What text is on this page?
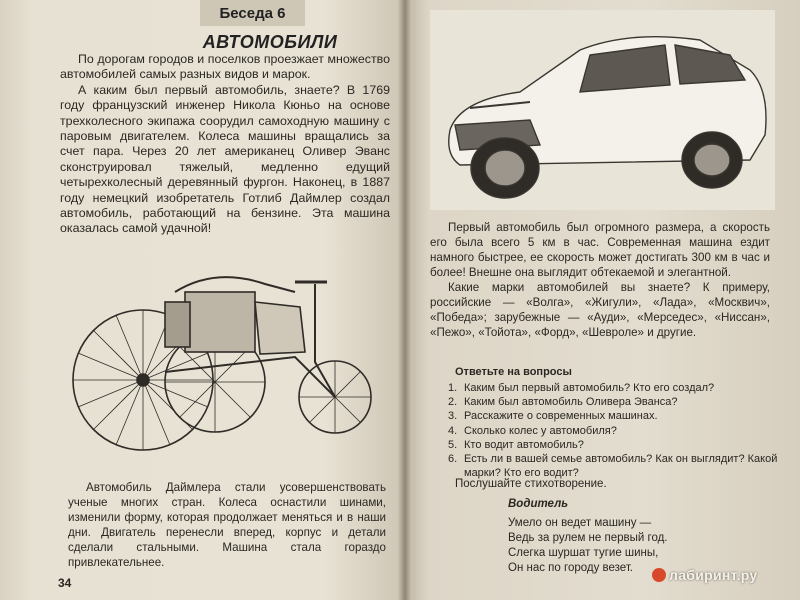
Беседа 6
АВТОМОБИЛИ

По дорогам городов и поселков проезжает множество автомобилей самых разных видов и марок.

А каким был первый автомобиль, знаете? В 1769 году французский инженер Никола Кюньо на основе трехколесного экипажа соорудил самоходную машину с паровым двигателем. Колеса машины вращались за счет пара. Через 20 лет американец Оливер Эванс сконструировал тяжелый, медленно едущий четырехколесный деревянный фургон. Наконец, в 1887 году немецкий изобретатель Готлиб Даймлер создал автомобиль, работающий на бензине. Эта машина оказалась самой удачной!

Автомобиль Даймлера стали усовершенствовать ученые многих стран. Колеса оснастили шинами, изменили форму, которая продолжает меняться и в наши дни. Двигатель перенесли вперед, корпус и детали сделали стальными. Машина стала гораздо привлекательнее.

34

Первый автомобиль был огромного размера, а скорость его была всего 5 км в час. Современная машина ездит намного быстрее, ее скорость может достигать 300 км в час и более! Внешне она выглядит обтекаемой и элегантной.

Какие марки автомобилей вы знаете? К примеру, российские — «Волга», «Жигули», «Лада», «Москвич», «Победа»; зарубежные — «Ауди», «Мерседес», «Ниссан», «Пежо», «Тойота», «Форд», «Шевроле» и другие.

Ответьте на вопросы
1. Каким был первый автомобиль? Кто его создал?
2. Каким был автомобиль Оливера Эванса?
3. Расскажите о современных машинах.
4. Сколько колес у автомобиля?
5. Кто водит автомобиль?
6. Есть ли в вашей семье автомобиль? Как он выглядит? Какой марки? Кто его водит?
Послушайте стихотворение.
Водитель
Умело он ведет машину —
Ведь за рулем не первый год.
Слегка шуршат тугие шины,
Он нас по городу везет.	лабиринт.ру
